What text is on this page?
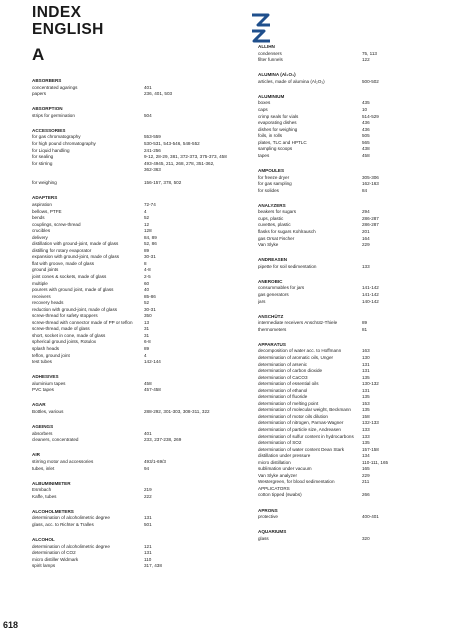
INDEX
ENGLISH
A
ABSORBERS
concentrated agarings	401
papers	236, 401, 503
ABSORPTION
strips for germination	504
ACCESSORIES
for gas chromatography	553-559
for high pound chromatography	530-531, 543-546, 548-552
for Liquid handling	241-256
for sealing	9-12, 28-29, 381, 372-373, 375-373, 458
for stirring	493-4945, 211, 268, 278, 351-362,
362-363
for weighing	156-157, 378, 502
ADAPTERS
aspiration	72-74
bellows, PTFE	4
bends	52
couplings, screw-thread	12
crucibles	128
delivery	84, 89
distillation with ground-joint, made of glass	52, 86
distilling for rotary evaporator	89
expansion with ground-joint, made of glass	30-31
flat with groove, made of glass	8
ground joints	4-8
joint cones & sockets, made of glass	2-5
multiple	60
pourers with ground joint, made of glass	40
receivers	85-86
recovery heads	52
reduction with ground-joint, made of glass	30-31
screw-thread for safety stoppers	350
screw-thread with connector made of PP or teflon	13
screw-thread, made of glass	31
short, socket in cone, made of glass	31
spherical ground joints, Rotulox	6-8
splash heads	89
teflon, ground joint	4
test tubes	142-144
ADHESIVES
aluminium tapes	458
PVC tapes	457-458
AGAR
Bottles, various	288-292, 301-303, 308-311, 322
AGEINGS
absorbers	401
cleaners, concentrated	233, 237-238, 269
AIR
stirring motor and accessories	493/1-69/3
tubes, inlet	94
ALBUMINIMETER
Esmbach	219
Kaffe, tubes	222
ALCOHOLMETERS
determination of alcoholimetric degree	131
glass, acc. to Richter & Tralles	501
ALCOHOL
determination of alcoholimetric degree	121
determination of CO2	131
micro distiller Widmark	110
spirit lamps	317, 438
ALLIHN
condensers	75, 113
filter funnels	122
ALUMINA (Al₂O₃)
articles, made of alumina (Al₂O₃)	500-502
ALUMINIUM
boxes	435
caps	10
crimp seals for vials	514-529
evaporating dishes	436
dishes for weighing	436
foils, in rolls	505
plates, TLC and HPTLC	565
sampling scoops	438
tapes	458
AMPOULES
for freeze dryer	305-306
for gas sampling	162-163
for solides	84
ANALYZERS
beakers for sugars	294
cups, plastic	286-287
cuvettes, plastic	286-287
flasks for sugars Kohlrausch	201
gas Orsat Fischer	164
Van Slyke	229
ANDREASEN
pipette for soil sedimentation	133
ANEROBIC
consummables for jars	141-142
gas generators	141-142
jars	140-142
ANSCHÜTZ
intermediate receivers Anschütz-Thiele	89
thermometers	81
APPARATUS
decomposition of water acc. to Hoffmann	163
determination of aromatic oils, Unger	130
determination of arsenic	131
determination of carbon dioxide	131
determination of CaCO3	135
determination of essential oils	130-132
determination of ethanol	131
determination of fluoride	135
determination of melting point	153
determination of molecular weight, Beckmann	135
determination of motor oils dilution	158
determination of nitrogen, Parnas-Wagner	132-133
determination of particle size, Andreasen	133
determination of sulfur content in hydrocarbons	133
determination of SO2	135
determination of water content Dean Stark	157-158
distillation under pressure	134
micro distillation	110-111, 165
sublimation under vacuum	165
Van Slyke analyzer	229
Westergreen, for blood sedimentation	211
APPLICATORS
cotton tipped (swabs)	266
APRONS
protective	400-401
AQUARIUMS
glass	320
618
